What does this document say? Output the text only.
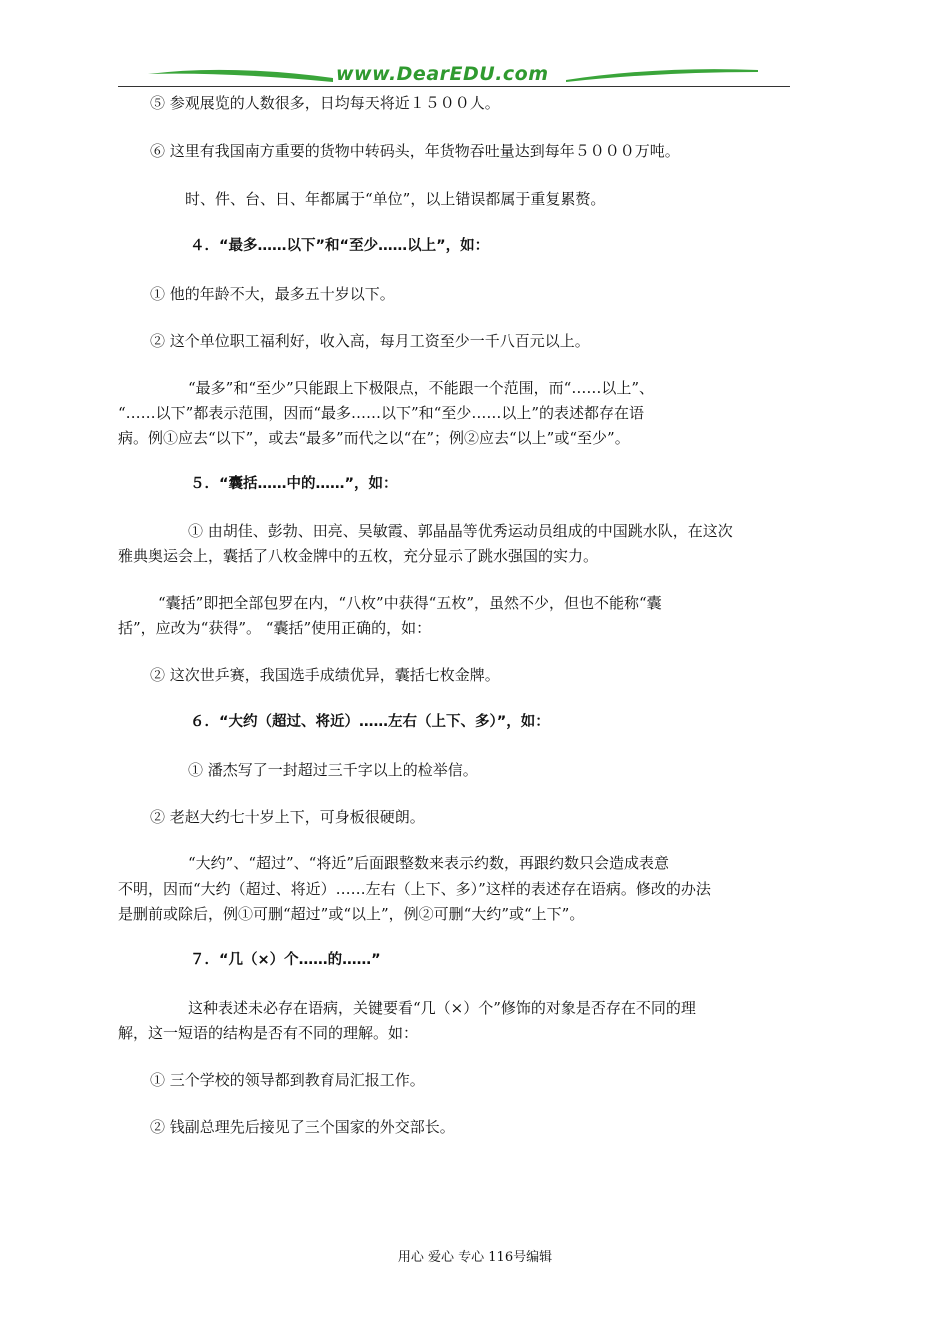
www.DearEDU.com
⑤ 参观展览的人数很多，日均每天将近１５００人。
⑥ 这里有我国南方重要的货物中转码头，年货物吞吐量达到每年５０００万吨。
时、件、台、日、年都属于“单位”，以上错误都属于重复累赘。
４．“最多……以下”和“至少……以上”，如：
① 他的年龄不大，最多五十岁以下。
② 这个单位职工福利好，收入高，每月工资至少一千八百元以上。
“最多”和“至少”只能跟上下极限点，不能跟一个范围，而“……以上”、
“……以下”都表示范围，因而“最多……以下”和“至少……以上”的表述都存在语
病。例①应去“以下”，或去“最多”而代之以“在”；例②应去“以上”或“至少”。
５．“囊括……中的……”，如：
① 由胡佳、彭勃、田亮、吴敏霞、郭晶晶等优秀运动员组成的中国跳水队，在这次
雅典奥运会上，囊括了八枚金牌中的五枚，充分显示了跳水强国的实力。
“囊括”即把全部包罗在内，“八枚”中获得“五枚”，虽然不少，但也不能称“囊
括”，应改为“获得”。 “囊括”使用正确的，如：
② 这次世乒赛，我国选手成绩优异，囊括七枚金牌。
６．“大约（超过、将近）……左右（上下、多）”，如：
① 潘杰写了一封超过三千字以上的检举信。
② 老赵大约七十岁上下，可身板很硬朗。
“大约”、“超过”、“将近”后面跟整数来表示约数，再跟约数只会造成表意
不明，因而“大约（超过、将近）……左右（上下、多）”这样的表述存在语病。修改的办法
是删前或除后，例①可删“超过”或“以上”，例②可删“大约”或“上下”。
７．“几（×）个……的……”
这种表述未必存在语病，关键要看“几（×）个”修饰的对象是否存在不同的理
解，这一短语的结构是否有不同的理解。如：
① 三个学校的领导都到教育局汇报工作。
② 钱副总理先后接见了三个国家的外交部长。
用心 爱心 专心 116号编辑
